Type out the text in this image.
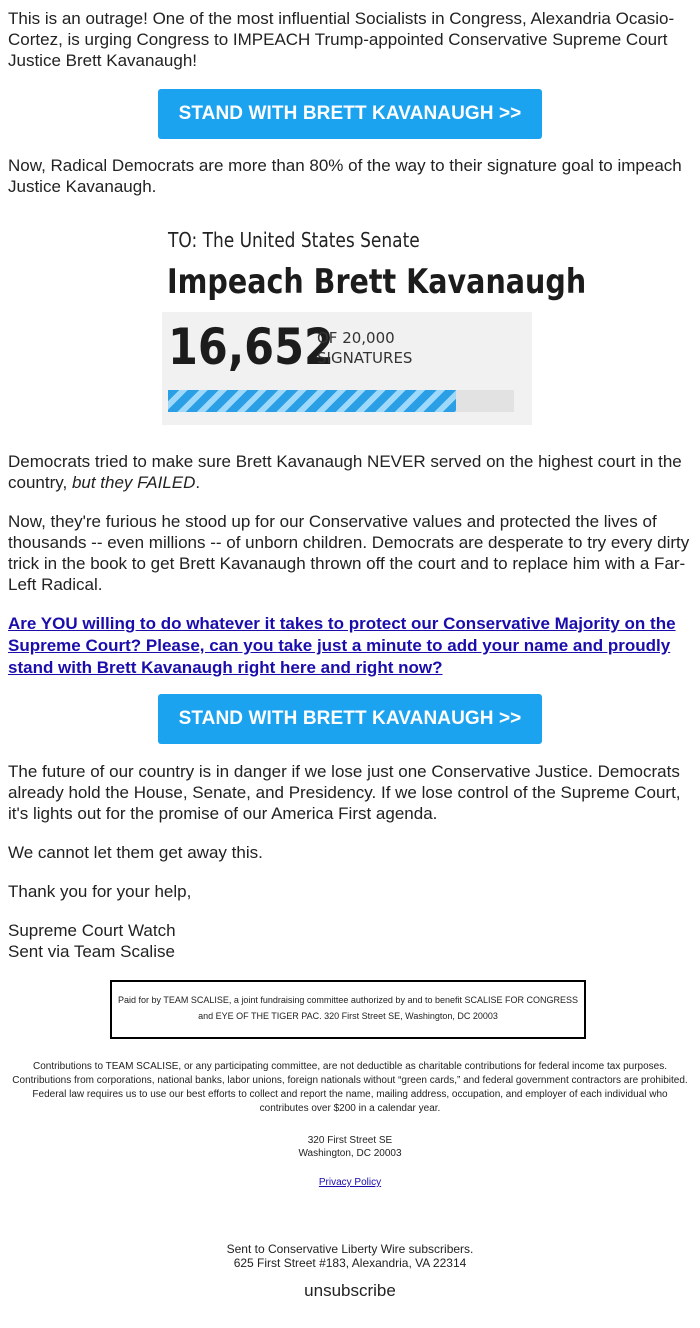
This is an outrage! One of the most influential Socialists in Congress, Alexandria Ocasio-Cortez, is urging Congress to IMPEACH Trump-appointed Conservative Supreme Court Justice Brett Kavanaugh!

STAND WITH BRETT KAVANAUGH >>

Now, Radical Democrats are more than 80% of the way to their signature goal to impeach Justice Kavanaugh.

TO: The United States Senate
Impeach Brett Kavanaugh
16,652
OF 20,000
SIGNATURES

Democrats tried to make sure Brett Kavanaugh NEVER served on the highest court in the country, but they FAILED.

Now, they're furious he stood up for our Conservative values and protected the lives of thousands -- even millions -- of unborn children. Democrats are desperate to try every dirty trick in the book to get Brett Kavanaugh thrown off the court and to replace him with a Far-Left Radical.

Are YOU willing to do whatever it takes to protect our Conservative Majority on the Supreme Court? Please, can you take just a minute to add your name and proudly stand with Brett Kavanaugh right here and right now?
STAND WITH BRETT KAVANAUGH >>

The future of our country is in danger if we lose just one Conservative Justice. Democrats already hold the House, Senate, and Presidency. If we lose control of the Supreme Court, it's lights out for the promise of our America First agenda.

We cannot let them get away this.

Thank you for your help,

Supreme Court Watch
Sent via Team Scalise
Paid for by TEAM SCALISE, a joint fundraising committee authorized by and to benefit SCALISE FOR CONGRESS and EYE OF THE TIGER PAC. 320 First Street SE, Washington, DC 20003
Contributions to TEAM SCALISE, or any participating committee, are not deductible as charitable contributions for federal income tax purposes. Contributions from corporations, national banks, labor unions, foreign nationals without “green cards,” and federal government contractors are prohibited. Federal law requires us to use our best efforts to collect and report the name, mailing address, occupation, and employer of each individual who contributes over $200 in a calendar year.
320 First Street SE
Washington, DC 20003
Privacy Policy
Sent to Conservative Liberty Wire subscribers.
625 First Street #183, Alexandria, VA 22314
unsubscribe
